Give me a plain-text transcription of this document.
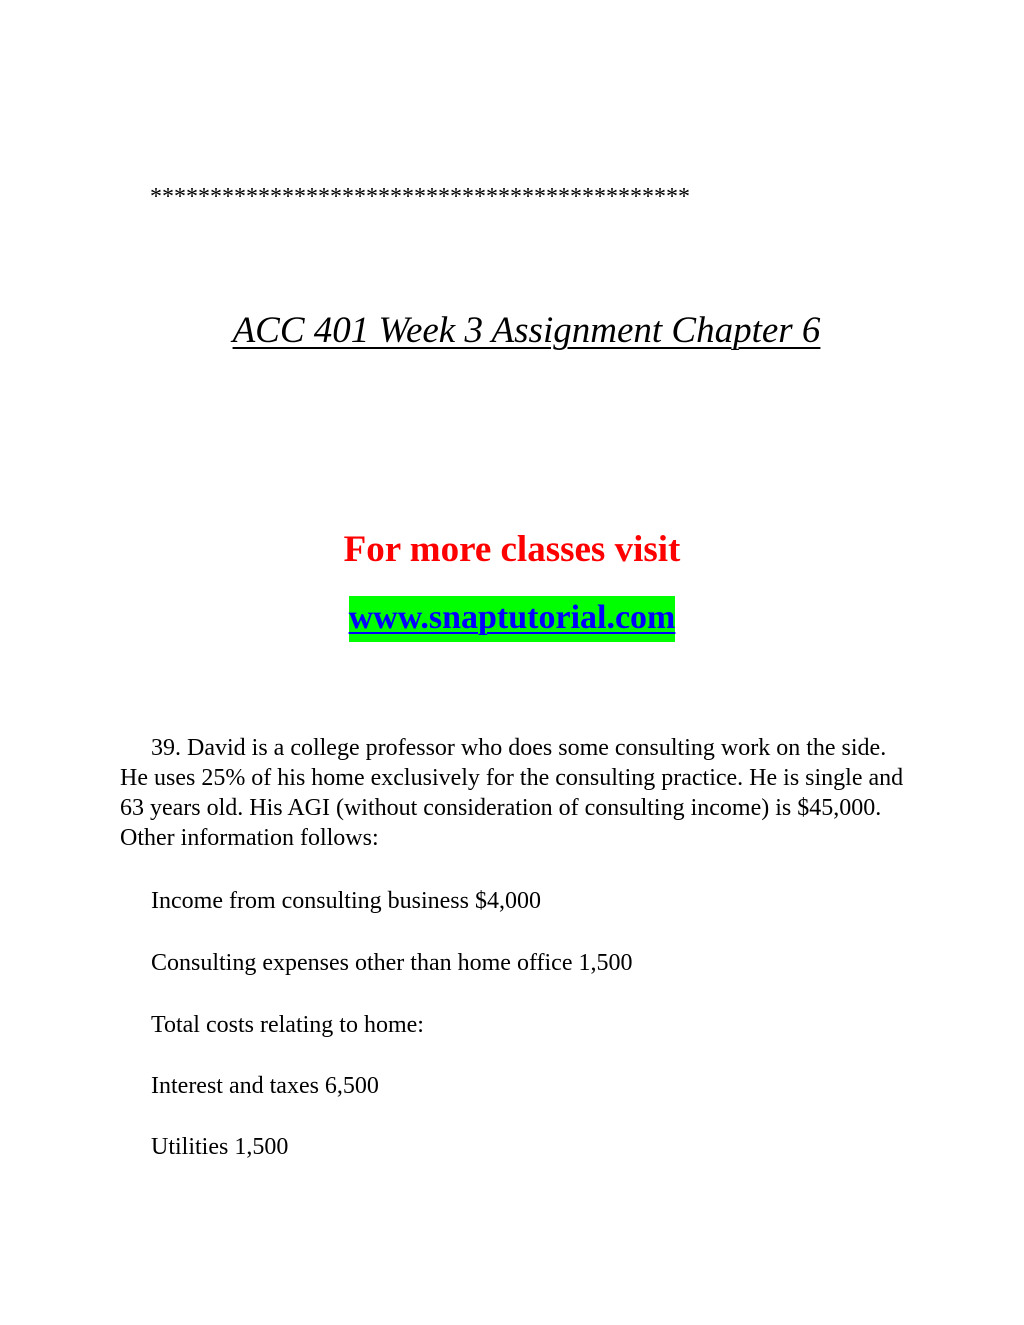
*********************************************
ACC 401 Week 3 Assignment Chapter 6
For more classes visit
www.snaptutorial.com

39. David is a college professor who does some consulting work on the side. He uses 25% of his home exclusively for the consulting practice. He is single and 63 years old. His AGI (without consideration of consulting income) is $45,000. Other information follows:

Income from consulting business $4,000

Consulting expenses other than home office 1,500

Total costs relating to home:

Interest and taxes 6,500

Utilities 1,500
